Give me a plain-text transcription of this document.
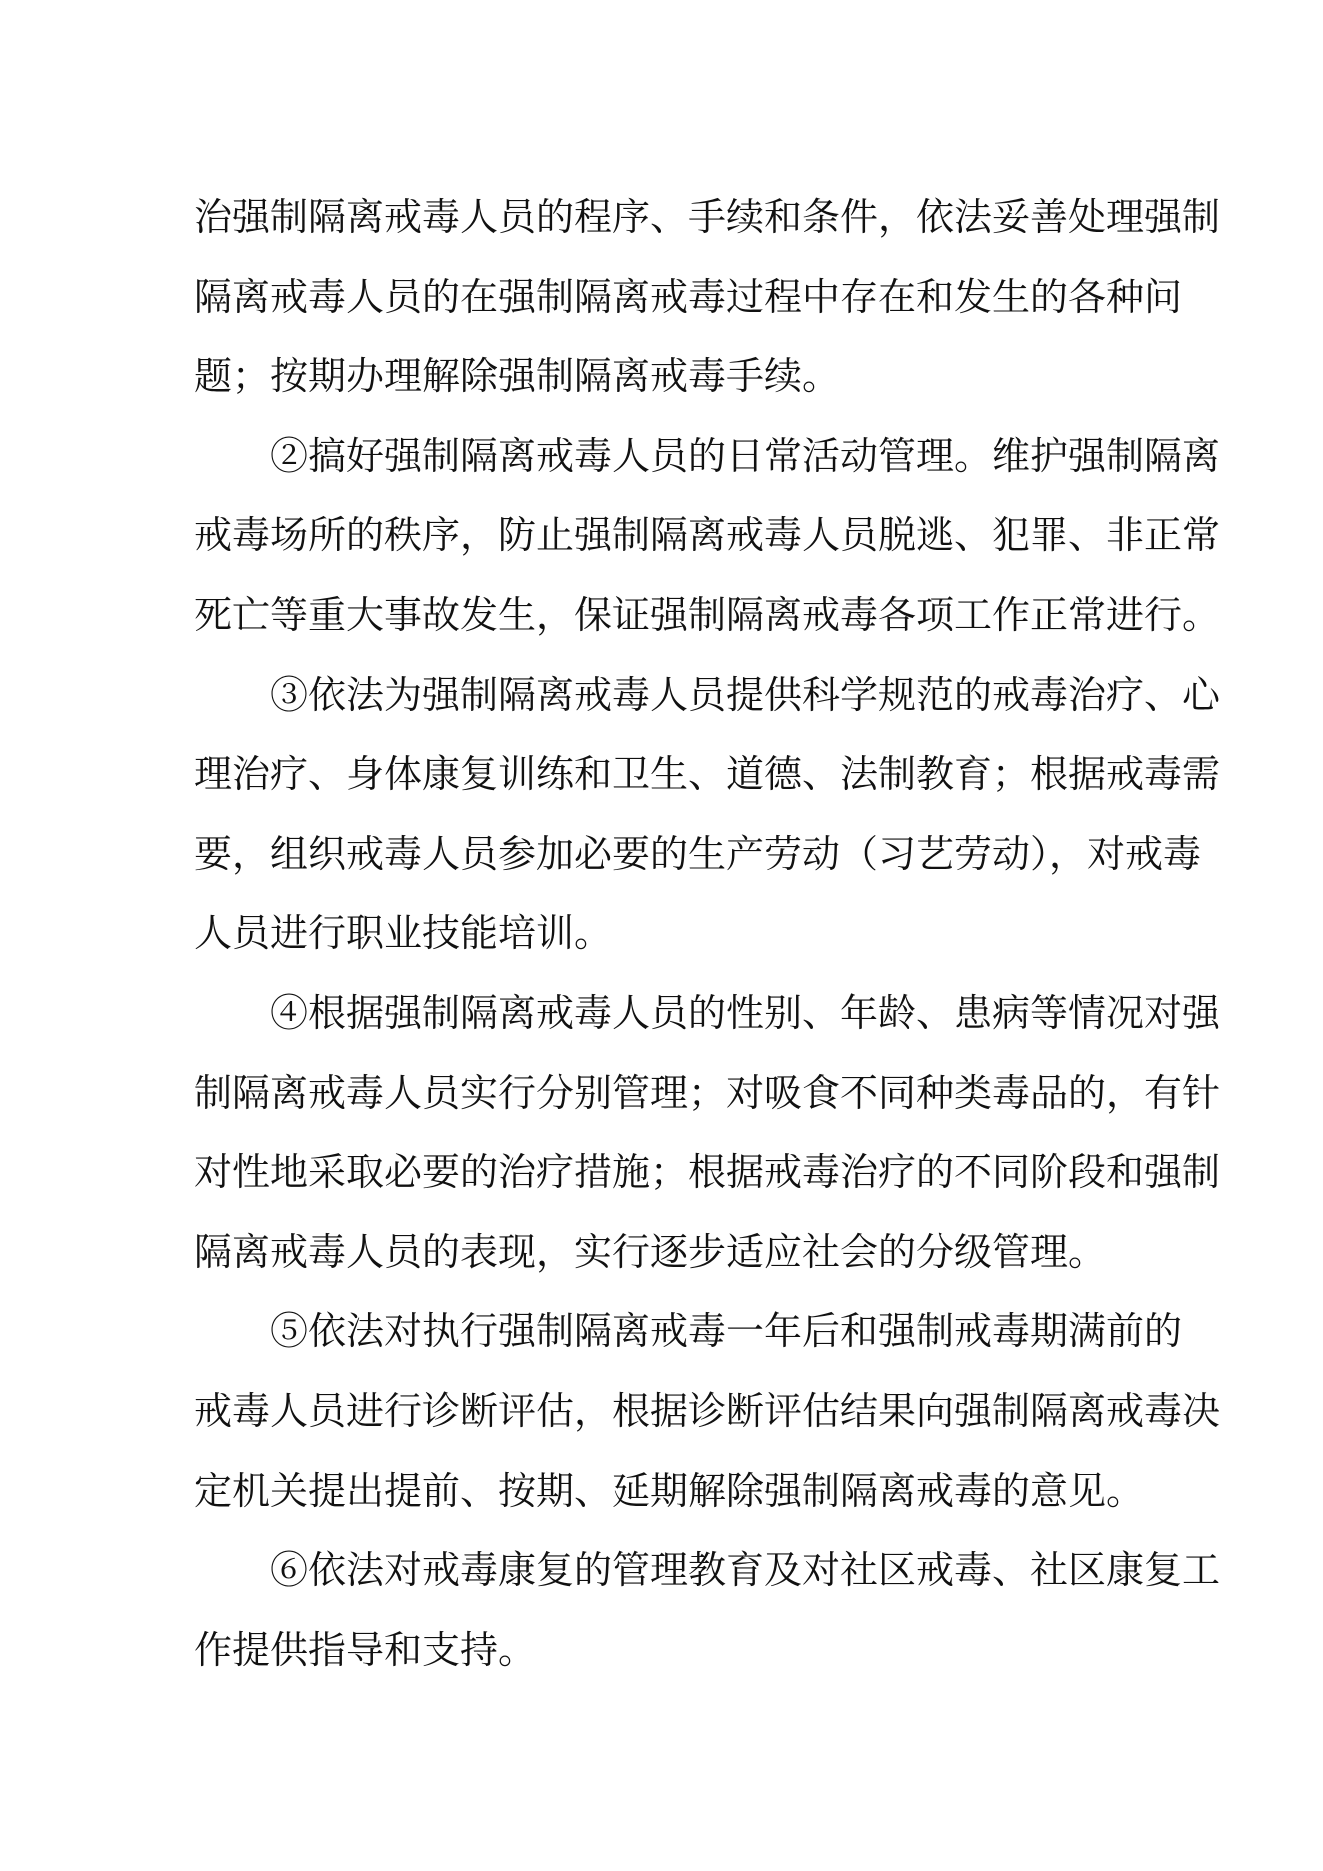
治强制隔离戒毒人员的程序、手续和条件，依法妥善处理强制
隔离戒毒人员的在强制隔离戒毒过程中存在和发生的各种问
题；按期办理解除强制隔离戒毒手续。
②搞好强制隔离戒毒人员的日常活动管理。维护强制隔离
戒毒场所的秩序，防止强制隔离戒毒人员脱逃、犯罪、非正常
死亡等重大事故发生，保证强制隔离戒毒各项工作正常进行。
③依法为强制隔离戒毒人员提供科学规范的戒毒治疗、心
理治疗、身体康复训练和卫生、道德、法制教育；根据戒毒需
要，组织戒毒人员参加必要的生产劳动（习艺劳动），对戒毒
人员进行职业技能培训。
④根据强制隔离戒毒人员的性别、年龄、患病等情况对强
制隔离戒毒人员实行分别管理；对吸食不同种类毒品的，有针
对性地采取必要的治疗措施；根据戒毒治疗的不同阶段和强制
隔离戒毒人员的表现，实行逐步适应社会的分级管理。
⑤依法对执行强制隔离戒毒一年后和强制戒毒期满前的
戒毒人员进行诊断评估，根据诊断评估结果向强制隔离戒毒决
定机关提出提前、按期、延期解除强制隔离戒毒的意见。
⑥依法对戒毒康复的管理教育及对社区戒毒、社区康复工
作提供指导和支持。
